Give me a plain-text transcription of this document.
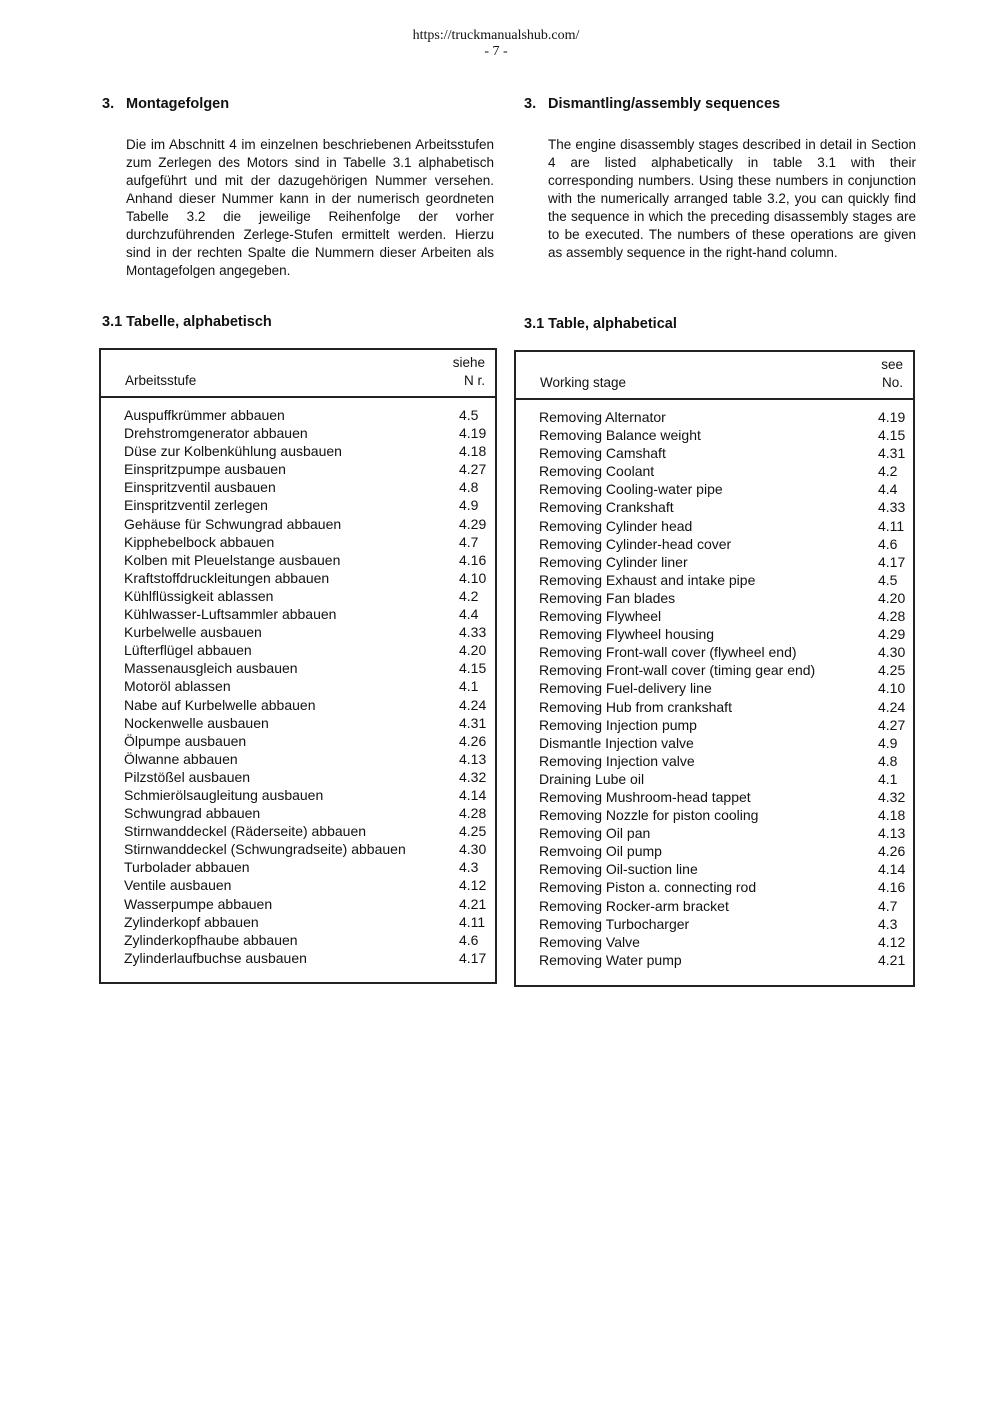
https://truckmanualshub.com/
- 7 -
3. Montagefolgen
Die im Abschnitt 4 im einzelnen beschriebenen Arbeitsstufen zum Zerlegen des Motors sind in Tabelle 3.1 alphabetisch aufgeführt und mit der dazugehörigen Nummer versehen. Anhand dieser Nummer kann in der numerisch geordneten Tabelle 3.2 die jeweilige Reihenfolge der vorher durchzuführenden Zerlege-Stufen ermittelt werden. Hierzu sind in der rechten Spalte die Nummern dieser Arbeiten als Montagefolgen angegeben.
3. Dismantling/assembly sequences
The engine disassembly stages described in detail in Section 4 are listed alphabetically in table 3.1 with their corresponding numbers. Using these numbers in conjunction with the numerically arranged table 3.2, you can quickly find the sequence in which the preceding disassembly stages are to be executed. The numbers of these operations are given as assembly sequence in the right-hand column.
3.1 Tabelle, alphabetisch	3.1 Table, alphabetical
Arbeitsstufe
siehe
N r.
Auspuffkrümmer abbauen	4.5
Drehstromgenerator abbauen	4.19
Düse zur Kolbenkühlung ausbauen	4.18
Einspritzpumpe ausbauen	4.27
Einspritzventil ausbauen	4.8
Einspritzventil zerlegen	4.9
Gehäuse für Schwungrad abbauen	4.29
Kipphebelbock abbauen	4.7
Kolben mit Pleuelstange ausbauen	4.16
Kraftstoffdruckleitungen abbauen	4.10
Kühlflüssigkeit ablassen	4.2
Kühlwasser-Luftsammler abbauen	4.4
Kurbelwelle ausbauen	4.33
Lüfterflügel abbauen	4.20
Massenausgleich ausbauen	4.15
Motoröl ablassen	4.1
Nabe auf Kurbelwelle abbauen	4.24
Nockenwelle ausbauen	4.31
Ölpumpe ausbauen	4.26
Ölwanne abbauen	4.13
Pilzstößel ausbauen	4.32
Schmierölsaugleitung ausbauen	4.14
Schwungrad abbauen	4.28
Stirnwanddeckel (Räderseite) abbauen	4.25
Stirnwanddeckel (Schwungradseite) abbauen	4.30
Turbolader abbauen	4.3
Ventile ausbauen	4.12
Wasserpumpe abbauen	4.21
Zylinderkopf abbauen	4.11
Zylinderkopfhaube abbauen	4.6
Zylinderlaufbuchse ausbauen	4.17
Working stage
see
No.
Removing Alternator	4.19
Removing Balance weight	4.15
Removing Camshaft	4.31
Removing Coolant	4.2
Removing Cooling-water pipe	4.4
Removing Crankshaft	4.33
Removing Cylinder head	4.11
Removing Cylinder-head cover	4.6
Removing Cylinder liner	4.17
Removing Exhaust and intake pipe	4.5
Removing Fan blades	4.20
Removing Flywheel	4.28
Removing Flywheel housing	4.29
Removing Front-wall cover (flywheel end)	4.30
Removing Front-wall cover (timing gear end)	4.25
Removing Fuel-delivery line	4.10
Removing Hub from crankshaft	4.24
Removing Injection pump	4.27
Dismantle Injection valve	4.9
Removing Injection valve	4.8
Draining Lube oil	4.1
Removing Mushroom-head tappet	4.32
Removing Nozzle for piston cooling	4.18
Removing Oil pan	4.13
Remvoing Oil pump	4.26
Removing Oil-suction line	4.14
Removing Piston a. connecting rod	4.16
Removing Rocker-arm bracket	4.7
Removing Turbocharger	4.3
Removing Valve	4.12
Removing Water pump	4.21
